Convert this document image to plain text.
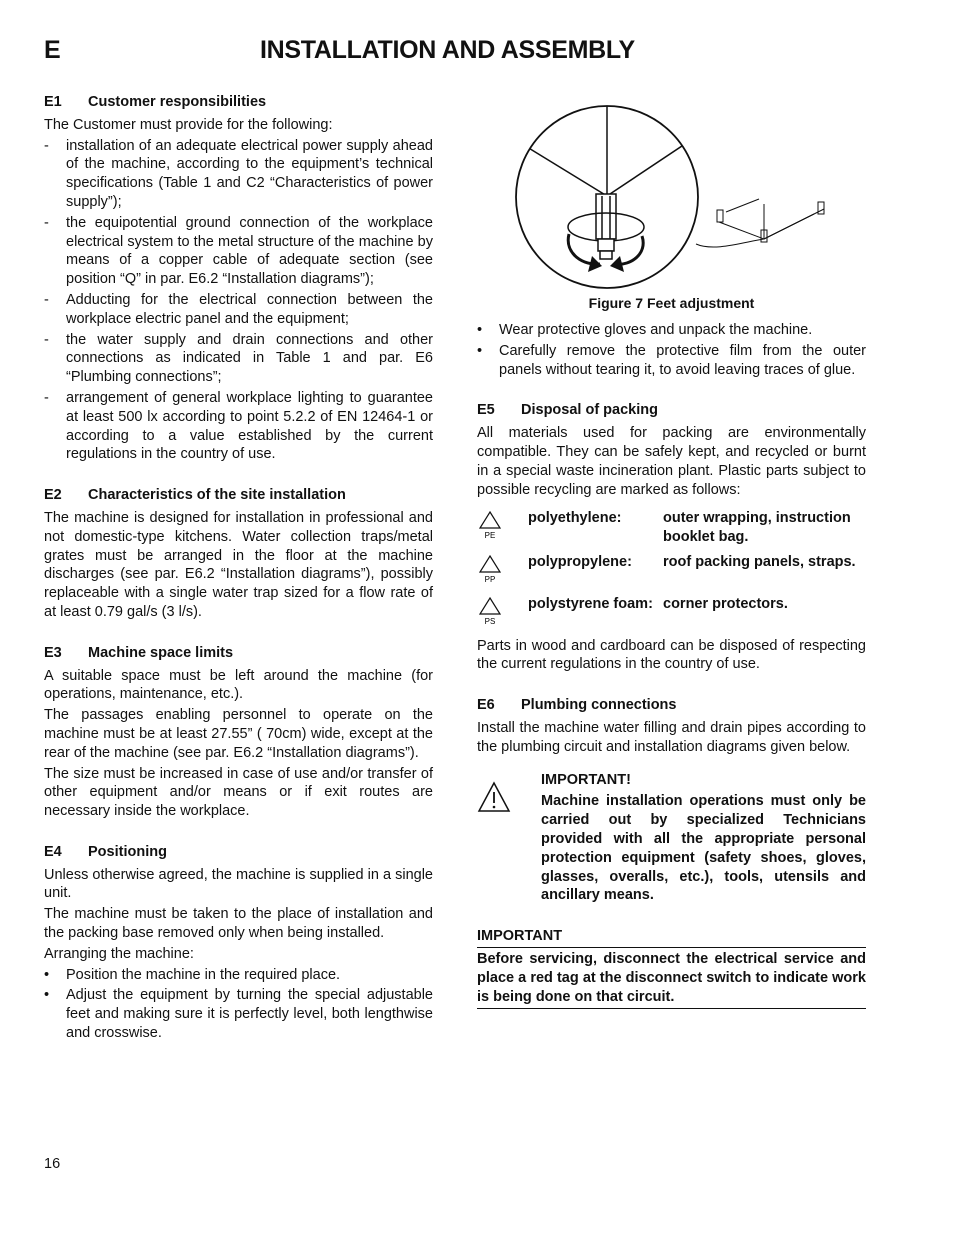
E	INSTALLATION AND ASSEMBLY
E1 Customer responsibilities

The Customer must provide for the following:

- installation of an adequate electrical power supply ahead of the machine, according to the equipment’s technical specifications (Table 1 and C2 “Characteristics of power supply”);
- the equipotential ground connection of the workplace electrical system to the metal structure of the machine by means of a copper cable of adequate section (see position “Q” in par. E6.2 “Installation diagrams”);
- Adducting for the electrical connection between the workplace electric panel and the equipment;
- the water supply and drain connections and other connections as indicated in Table 1 and par. E6 “Plumbing connections”;
- arrangement of general workplace lighting to guarantee at least 500 lx according to point 5.2.2 of EN 12464-1 or according to a value established by the current regulations in the country of use.
E2 Characteristics of the site installation

The machine is designed for installation in professional and not domestic-type kitchens. Water collection traps/metal grates must be arranged in the floor at the machine discharges (see par. E6.2 “Installation diagrams”), possibly replaceable with a single water trap sized for a flow rate of at least 0.79 gal/s (3 l/s).

E3 Machine space limits

A suitable space must be left around the machine (for operations, maintenance, etc.).

The passages enabling personnel to operate on the machine must be at least 27.55” ( 70cm) wide, except at the rear of the machine (see par. E6.2 “Installation diagrams”).

The size must be increased in case of use and/or transfer of other equipment and/or means or if exit routes are necessary inside the workplace.

E4 Positioning

Unless otherwise agreed, the machine is supplied in a single unit.

The machine must be taken to the place of installation and the packing base removed only when being installed.

Arranging the machine:

• Position the machine in the required place.
• Adjust the equipment by turning the special adjustable feet and making sure it is perfectly level, both lengthwise and crosswise.
Figure 7 Feet adjustment
• Wear protective gloves and unpack the machine.
• Carefully remove the protective film from the outer panels without tearing it, to avoid leaving traces of glue.
E5 Disposal of packing

All materials used for packing are environmentally compatible. They can be safely kept, and recycled or burnt in a special waste incineration plant. Plastic parts subject to possible recycling are marked as follows:

PE
polyethylene:	outer wrapping, instruction booklet bag.
PP
polypropylene:	roof packing panels, straps.
PS
polystyrene foam: corner protectors.

Parts in wood and cardboard can be disposed of respecting the current regulations in the country of use.

E6 Plumbing connections

Install the machine water filling and drain pipes according to the plumbing circuit and installation diagrams given below.

IMPORTANT!

Machine installation operations must only be carried out by specialized Technicians provided with all the appropriate personal protection equipment (safety shoes, gloves, glasses, overalls, etc.), tools, utensils and ancillary means.

IMPORTANT
Before servicing, disconnect the electrical service and place a red tag at the disconnect switch to indicate work is being done on that circuit.
16
